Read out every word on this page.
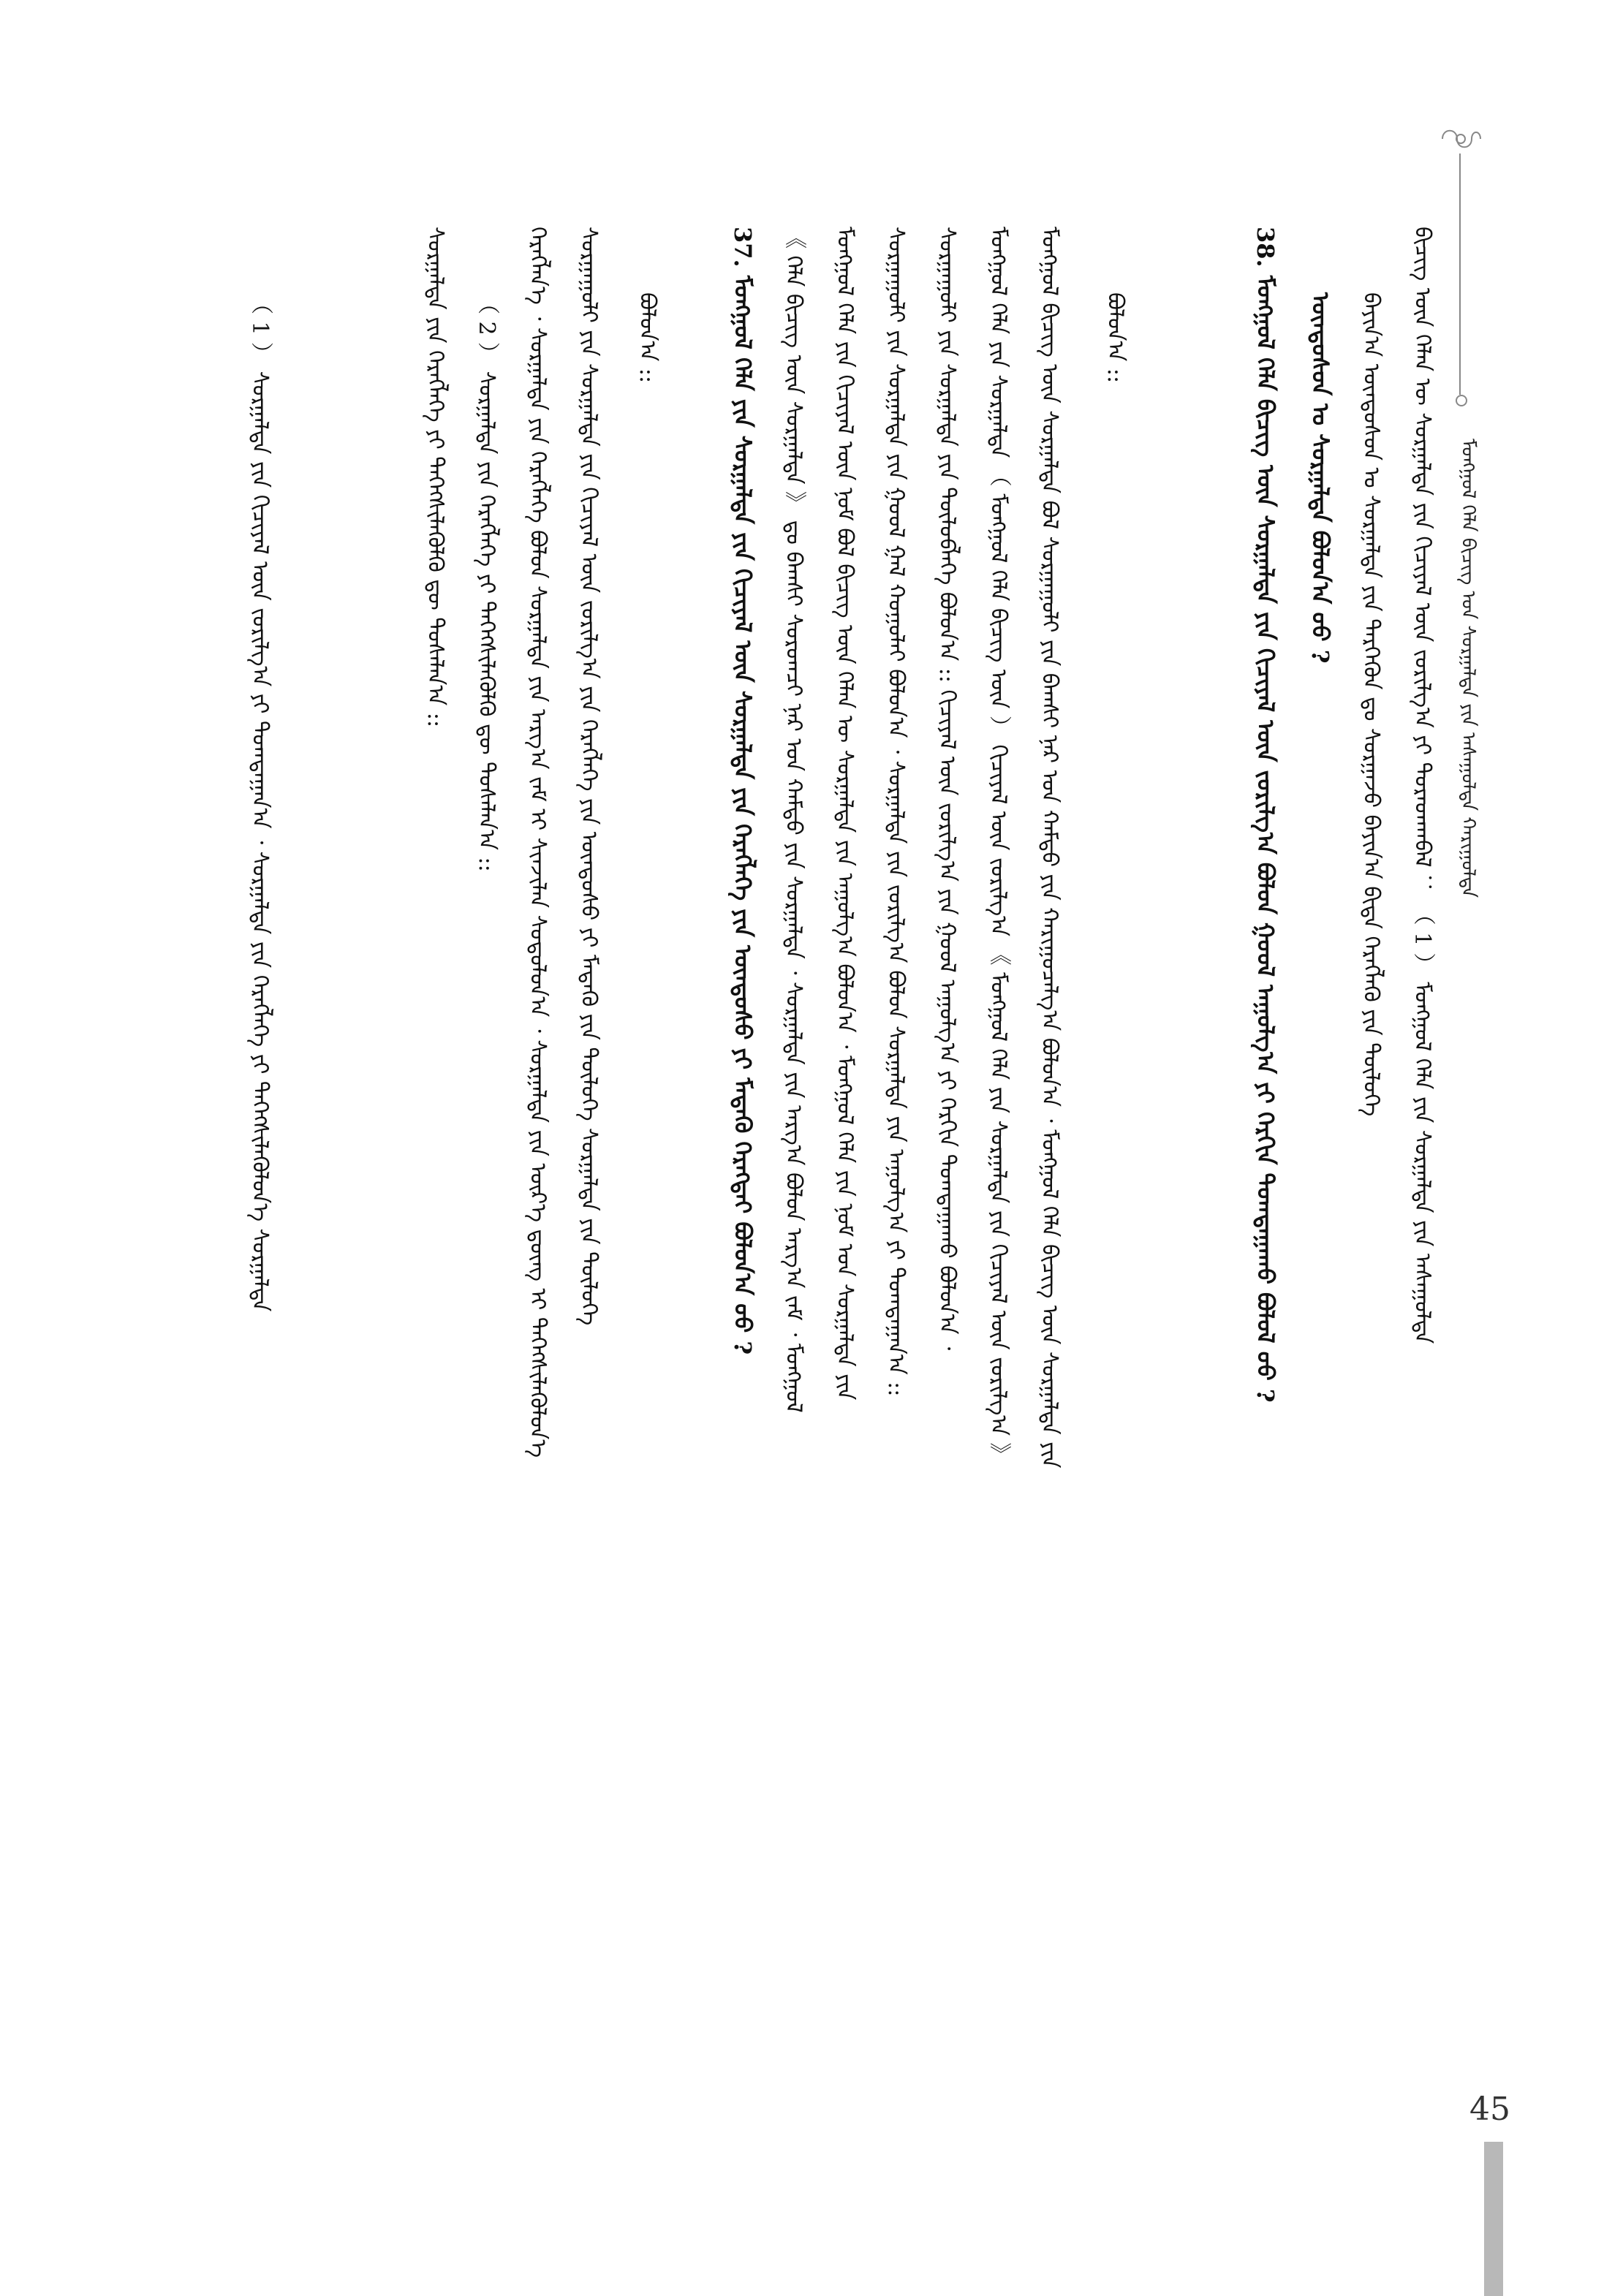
ᠮᠣᠩᠭᠣᠯ ᠬᠡᠯᠡ ᠪᠢᠴᠢᠭ ᠤᠨ ᠰᠤᠷᠭᠠᠯᠲᠠ ᠶᠢᠨ ᠠᠰᠠᠭᠤᠯᠲᠠ ᠬᠠᠷᠢᠭᠤᠯᠲᠠ
ᠪᠢᠴᠢᠭ ᠦᠨ ᠬᠡᠯᠡᠨ ᠦ ᠰᠤᠷᠭᠠᠯᠲᠠ ᠶᠢᠨ ᠬᠢᠴᠢᠶᠡᠯ ᠦᠨ ᠵᠣᠷᠢᠯᠭ᠎ᠠ ᠶᠢ ᠳᠤᠷᠠᠳᠬᠠᠪᠠᠯ ： （ 1 ） ᠮᠣᠩᠭᠣᠯ ᠬᠡᠯᠡ ᠶᠢᠨ ᠰᠤᠷᠭᠠᠯᠲᠠ ᠶᠢᠨ ᠠᠰᠠᠭᠤᠯᠲᠠ
ᠪᠠᠶᠢᠨ᠎ᠠ ᠦᠨᠳᠦᠰᠦᠨ ᠤ ᠰᠤᠷᠭᠠᠯᠲᠠ ᠶᠢᠨ ᠲᠡᠷᠭᠡᠭᠦᠨ ᠳᠤ ᠰᠤᠷᠭᠠᠵᠤ ᠪᠠᠶᠢᠨ᠎ᠠ ᠪᠢᠳᠡ ᠬᠡᠷᠡᠭᠯᠡᠬᠦ ᠶᠢᠨ ᠲᠦᠯᠦᠭᠡ
ᠦᠨᠳᠦᠰᠦᠨ ᠤ ᠰᠤᠷᠭᠠᠯᠲᠠ ᠪᠣᠯᠤᠨ᠎ᠠ ᠦᠦ ?
38. ᠮᠣᠩᠭᠣᠯ ᠬᠡᠯᠡ ᠪᠢᠴᠢᠭ ᠦᠨ ᠰᠤᠷᠭᠠᠯᠲᠠ ᠶᠢᠨ ᠬᠢᠴᠢᠶᠡᠯ ᠦᠨ ᠵᠣᠷᠢᠯᠭ᠎ᠠ ᠪᠣᠯᠤᠨ ᠭᠣᠣᠯ ᠠᠭᠤᠯᠭ᠎ᠠ ᠶᠢ ᠬᠡᠷᠬᠢᠨ ᠲᠣᠭᠲᠠᠭᠠᠬᠤ ᠪᠣᠯᠤᠯ ᠦᠦ ?
ᠪᠣᠯᠤᠨ᠎ᠠ ::
ᠮᠣᠩᠭᠣᠯ ᠪᠢᠴᠢᠭ ᠦᠨ ᠰᠤᠷᠭᠠᠯᠲᠠ ᠪᠣᠯ ᠰᠤᠷᠭᠠᠭᠤᠯᠢ ᠶᠢᠨ ᠪᠠᠭᠰᠢ ᠨᠠᠷ ᠤᠨ ᠬᠠᠮᠲᠤ ᠶᠢᠨ ᠬᠠᠷᠢᠭᠤᠴᠠᠯᠭ᠎ᠠ ᠪᠣᠯᠤᠨ᠎ᠠ ᠂ ᠮᠣᠩᠭᠣᠯ ᠬᠡᠯᠡ ᠪᠢᠴᠢᠭ ᠦᠨ ᠰᠤᠷᠭᠠᠯᠲᠠ ᠶᠢᠨ
ᠮᠣᠩᠭᠣᠯ ᠬᠡᠯᠡ ᠶᠢᠨ ᠰᠤᠷᠭᠠᠯᠲᠠ （ ᠮᠣᠩᠭᠣᠯ ᠬᠡᠯᠡ ᠪᠢᠴᠢᠭ ᠦᠨ ） ᠬᠢᠴᠢᠶᠡᠯ ᠦᠨ ᠵᠣᠷᠢᠯᠭ᠎ᠠ 《 ᠮᠣᠩᠭᠣᠯ ᠬᠡᠯᠡ ᠶᠢᠨ ᠰᠤᠷᠭᠠᠯᠲᠠ ᠶᠢᠨ ᠬᠢᠴᠢᠶᠡᠯ ᠦᠨ ᠵᠣᠷᠢᠯᠭ᠎ᠠ 》
ᠰᠤᠷᠭᠠᠭᠤᠯᠢ ᠶᠢᠨ ᠰᠤᠷᠭᠠᠯᠲᠠ ᠶᠢᠨ ᠲᠥᠯᠥᠪᠯᠡᠭᠡ ᠪᠣᠯᠤᠨ᠎ᠠ :: ᠬᠢᠴᠢᠶᠡᠯ ᠦᠨ ᠵᠣᠷᠢᠯᠭ᠎ᠠ ᠶᠢᠨ ᠭᠣᠣᠯ ᠠᠭᠤᠯᠭ᠎ᠠ ᠶᠢ ᠬᠡᠷᠬᠢᠨ ᠲᠣᠭᠲᠠᠭᠠᠬᠤ ᠪᠣᠯᠤᠨ᠎ᠠ ᠂
ᠰᠤᠷᠭᠠᠭᠤᠯᠢ ᠶᠢᠨ ᠰᠤᠷᠭᠠᠯᠲᠠ ᠶᠢᠨ ᠭᠣᠣᠯ ᠭᠠᠯ ᠬᠣᠭᠣᠯᠠᠢ ᠪᠣᠯᠤᠨ᠎ᠠ ᠂ ᠰᠤᠷᠭᠠᠯᠲᠠ ᠶᠢᠨ ᠵᠣᠷᠢᠯᠭ᠎ᠠ ᠪᠣᠯᠤᠨ ᠰᠤᠷᠭᠠᠯᠲᠠ ᠶᠢᠨ ᠠᠭᠤᠯᠭ᠎ᠠ ᠶᠢ ᠲᠣᠭᠲᠠᠭᠠᠨ᠎ᠠ ::
ᠮᠣᠩᠭᠣᠯ ᠬᠡᠯᠡ ᠶᠢᠨ ᠬᠢᠴᠢᠶᠡᠯ ᠦᠨ ᠨᠣᠮ ᠪᠣᠯ ᠪᠢᠴᠢᠭ ᠦᠨ ᠬᠡᠯᠡᠨ ᠦ ᠰᠤᠷᠭᠠᠯᠲᠠ ᠶᠢᠨ ᠠᠭᠤᠯᠭ᠎ᠠ ᠪᠣᠯᠤᠨ᠎ᠠ ᠂ ᠮᠣᠩᠭᠣᠯ ᠬᠡᠯᠡ ᠶᠢᠨ ᠨᠣᠮ ᠤᠨ ᠰᠤᠷᠭᠠᠯᠲᠠ ᠶᠢᠨ
《 ᠬᠡᠯᠡ ᠪᠢᠴᠢᠭ ᠦᠨ ᠰᠤᠷᠭᠠᠯᠲᠠ 》 ᠳᠤ ᠪᠠᠭᠰᠢ ᠰᠤᠷᠤᠭᠴᠢ ᠨᠠᠷ ᠤᠨ ᠬᠠᠮᠲᠤ ᠶᠢᠨ ᠰᠤᠷᠭᠠᠯᠲᠠ ᠂ ᠰᠤᠷᠭᠠᠯᠲᠠ ᠶᠢᠨ ᠠᠷᠭ᠎ᠠ ᠪᠣᠯᠤᠨ ᠠᠷᠭ᠎ᠠ ᠵᠠᠮ ᠂ ᠮᠣᠩᠭᠣᠯ
37. ᠮᠣᠩᠭᠣᠯ ᠬᠡᠯᠡ ᠶᠢᠨ ᠰᠤᠷᠭᠠᠯᠲᠠ ᠶᠢᠨ ᠬᠢᠴᠢᠶᠡᠯ ᠦᠨ ᠰᠤᠷᠭᠠᠯᠲᠠ ᠶᠢᠨ ᠬᠡᠷᠡᠭᠯᠡᠭᠡ ᠶᠢᠨ ᠦᠨᠳᠦᠰᠦ ᠶᠢ ᠮᠡᠳᠡᠬᠦ ᠬᠡᠷᠡᠭᠲᠡᠢ ᠪᠣᠯᠤᠨ᠎ᠠ ᠦᠦ ?
ᠪᠣᠯᠤᠨ᠎ᠠ ::
ᠰᠤᠷᠭᠠᠭᠤᠯᠢ ᠶᠢᠨ ᠰᠤᠷᠭᠠᠯᠲᠠ ᠶᠢᠨ ᠬᠢᠴᠢᠶᠡᠯ ᠦᠨ ᠵᠣᠷᠢᠯᠭ᠎ᠠ ᠶᠢᠨ ᠬᠡᠷᠡᠭᠯᠡᠭᠡ ᠶᠢᠨ ᠦᠨᠳᠦᠰᠦ ᠶᠢ ᠮᠡᠳᠡᠬᠦ ᠶᠢᠨ ᠲᠥᠯᠥᠭᠡ ᠰᠤᠷᠭᠠᠯᠲᠠ ᠶᠢᠨ ᠲᠦᠯᠦᠭᠡ
ᠬᠡᠷᠡᠭᠯᠡᠨ᠎ᠡ ᠂ ᠰᠤᠷᠭᠠᠯᠲᠠ ᠶᠢᠨ ᠬᠡᠷᠡᠭᠯᠡᠭᠡ ᠪᠣᠯᠤᠨ ᠰᠤᠷᠭᠠᠯᠲᠠ ᠶᠢᠨ ᠠᠷᠭ᠎ᠠ ᠵᠠᠮ ᠢ ᠰᠢᠨᠵᠢᠯᠡᠨ ᠰᠤᠳᠤᠯᠤᠨ᠎ᠠ ᠂ ᠰᠤᠷᠭᠠᠯᠲᠠ ᠶᠢᠨ ᠦᠷ᠎ᠡ ᠳ᠋ᠦᠩ ᠢ ᠳᠡᠭᠡᠭᠰᠢᠯᠡᠭᠦᠯᠦᠨ᠎ᠡ
（ 2 ） ᠰᠤᠷᠭᠠᠯᠲᠠ ᠶᠢᠨ ᠬᠡᠷᠡᠭᠯᠡᠭᠡ ᠶᠢ ᠳᠡᠭᠡᠭᠰᠢᠯᠡᠭᠦᠯᠬᠦ ᠳᠦ ᠲᠤᠰᠠᠯᠠᠨ᠎ᠠ ::
ᠰᠤᠷᠭᠠᠯᠲᠠ ᠶᠢᠨ ᠬᠡᠷᠡᠭᠯᠡᠭᠡ ᠶᠢ ᠳᠡᠭᠡᠭᠰᠢᠯᠡᠭᠦᠯᠬᠦ ᠳᠦ ᠲᠤᠰᠠᠯᠠᠨ᠎ᠠ ::
（ 1 ） ᠰᠤᠷᠭᠠᠯᠲᠠ ᠶᠢᠨ ᠬᠢᠴᠢᠶᠡᠯ ᠦᠨ ᠵᠣᠷᠢᠯᠭ᠎ᠠ ᠶᠢ ᠲᠣᠭᠲᠠᠭᠠᠨ᠎ᠠ ᠂ ᠰᠤᠷᠭᠠᠯᠲᠠ ᠶᠢᠨ ᠬᠡᠷᠡᠭᠯᠡᠭᠡ ᠶᠢ ᠳᠡᠭᠡᠭᠰᠢᠯᠡᠭᠦᠯᠦᠨ᠎ᠡ ᠰᠤᠷᠭᠠᠯᠲᠠ
45
